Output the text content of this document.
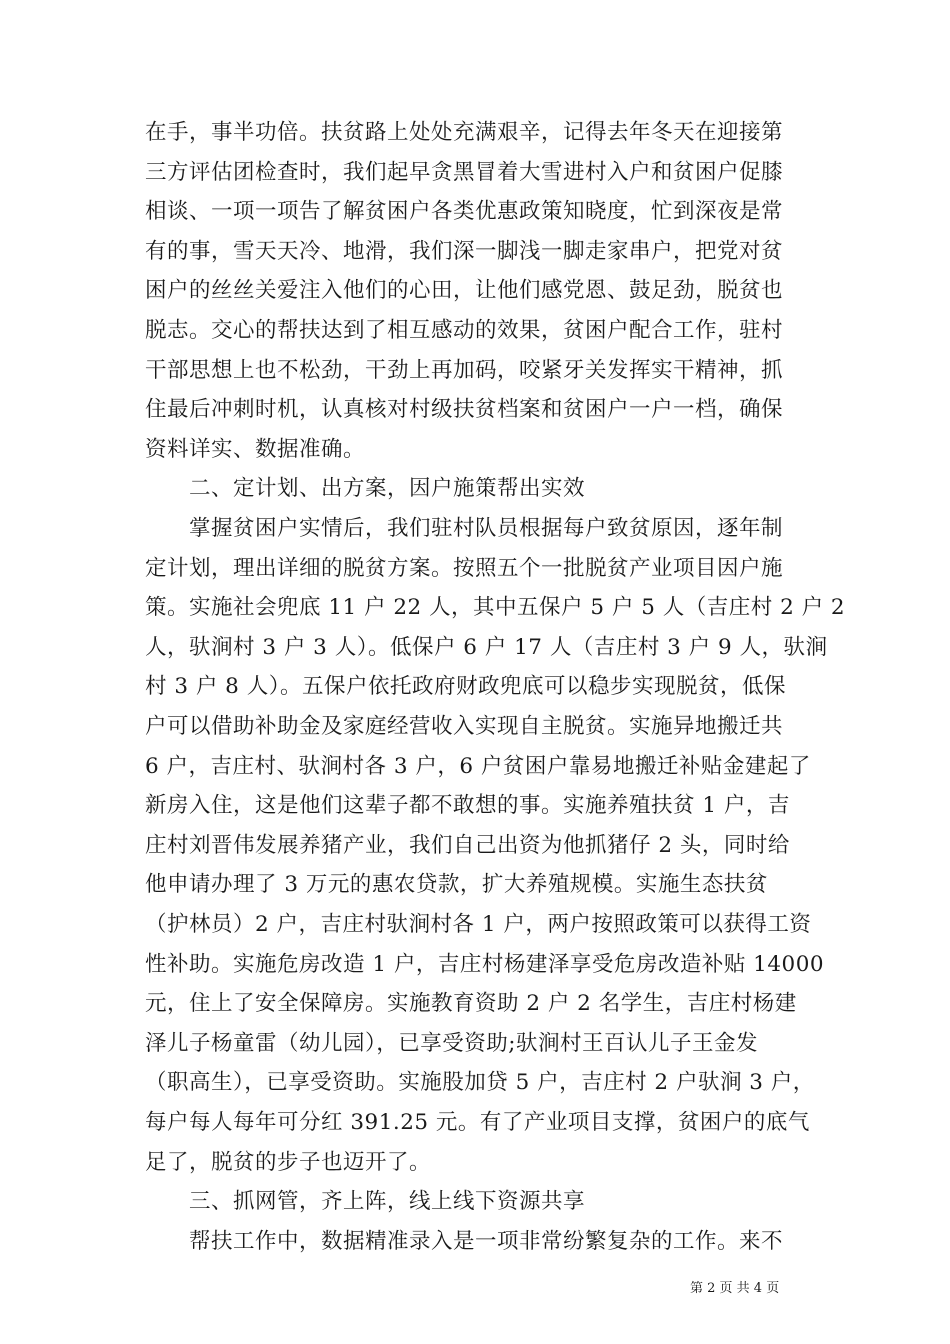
在手，事半功倍。扶贫路上处处充满艰辛，记得去年冬天在迎接第
三方评估团检查时，我们起早贪黑冒着大雪进村入户和贫困户促膝
相谈、一项一项告了解贫困户各类优惠政策知晓度，忙到深夜是常
有的事，雪天天冷、地滑，我们深一脚浅一脚走家串户，把党对贫
困户的丝丝关爱注入他们的心田，让他们感党恩、鼓足劲，脱贫也
脱志。交心的帮扶达到了相互感动的效果，贫困户配合工作，驻村
干部思想上也不松劲，干劲上再加码，咬紧牙关发挥实干精神，抓
住最后冲刺时机，认真核对村级扶贫档案和贫困户一户一档，确保
资料详实、数据准确。
　　二、定计划、出方案，因户施策帮出实效
　　掌握贫困户实情后，我们驻村队员根据每户致贫原因，逐年制
定计划，理出详细的脱贫方案。按照五个一批脱贫产业项目因户施
策。实施社会兜底 11 户 22 人，其中五保户 5 户 5 人（吉庄村 2 户 2
人，驮涧村 3 户 3 人）。低保户 6 户 17 人（吉庄村 3 户 9 人，驮涧
村 3 户 8 人）。五保户依托政府财政兜底可以稳步实现脱贫，低保
户可以借助补助金及家庭经营收入实现自主脱贫。实施异地搬迁共
6 户，吉庄村、驮涧村各 3 户，6 户贫困户靠易地搬迁补贴金建起了
新房入住，这是他们这辈子都不敢想的事。实施养殖扶贫 1 户，吉
庄村刘晋伟发展养猪产业，我们自己出资为他抓猪仔 2 头，同时给
他申请办理了 3 万元的惠农贷款，扩大养殖规模。实施生态扶贫
（护林员）2 户，吉庄村驮涧村各 1 户，两户按照政策可以获得工资
性补助。实施危房改造 1 户，吉庄村杨建泽享受危房改造补贴 14000
元，住上了安全保障房。实施教育资助 2 户 2 名学生，吉庄村杨建
泽儿子杨童雷（幼儿园），已享受资助;驮涧村王百认儿子王金发
（职高生），已享受资助。实施股加贷 5 户，吉庄村 2 户驮涧 3 户，
每户每人每年可分红 391.25 元。有了产业项目支撑，贫困户的底气
足了，脱贫的步子也迈开了。
　　三、抓网管，齐上阵，线上线下资源共享
　　帮扶工作中，数据精准录入是一项非常纷繁复杂的工作。来不
第 2 页 共 4 页
